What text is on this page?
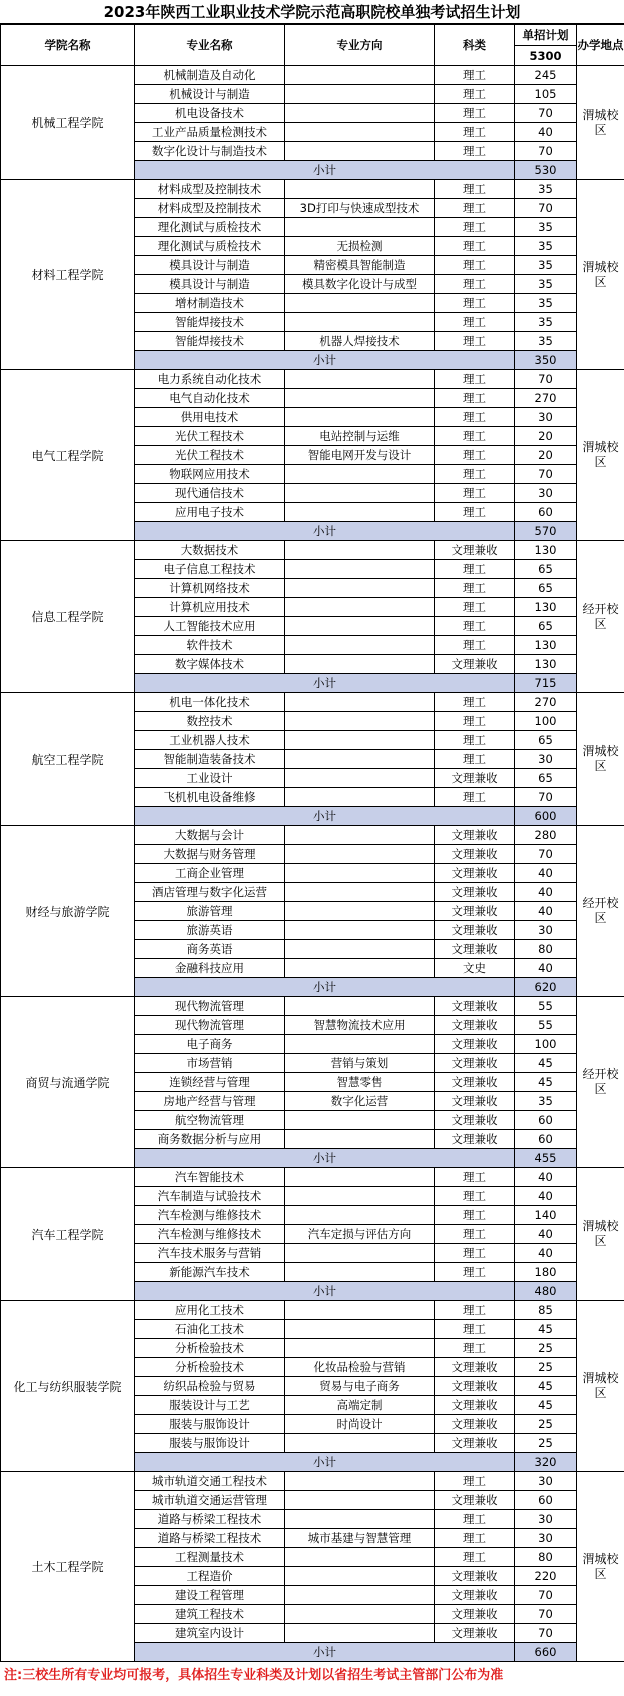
2023年陕西工业职业技术学院示范高职院校单独考试招生计划
学院名称	专业名称	专业方向	科类	单招计划	办学地点
				5300	
机械工程学院	机械制造及自动化		理工	245	渭城校区
	机械设计与制造		理工	105	
	机电设备技术		理工	70	
	工业产品质量检测技术		理工	40	
	数字化设计与制造技术		理工	70	
	小计			530	
材料工程学院	材料成型及控制技术		理工	35	渭城校区
	材料成型及控制技术	3D打印与快速成型技术	理工	70	
	理化测试与质检技术		理工	35	
	理化测试与质检技术	无损检测	理工	35	
	模具设计与制造	精密模具智能制造	理工	35	
	模具设计与制造	模具数字化设计与成型	理工	35	
	增材制造技术		理工	35	
	智能焊接技术		理工	35	
	智能焊接技术	机器人焊接技术	理工	35	
	小计			350	
电气工程学院	电力系统自动化技术		理工	70	渭城校区
	电气自动化技术		理工	270	
	供用电技术		理工	30	
	光伏工程技术	电站控制与运维	理工	20	
	光伏工程技术	智能电网开发与设计	理工	20	
	物联网应用技术		理工	70	
	现代通信技术		理工	30	
	应用电子技术		理工	60	
	小计			570	
信息工程学院	大数据技术		文理兼收	130	经开校区
	电子信息工程技术		理工	65	
	计算机网络技术		理工	65	
	计算机应用技术		理工	130	
	人工智能技术应用		理工	65	
	软件技术		理工	130	
	数字媒体技术		文理兼收	130	
	小计			715	
航空工程学院	机电一体化技术		理工	270	渭城校区
	数控技术		理工	100	
	工业机器人技术		理工	65	
	智能制造装备技术		理工	30	
	工业设计		文理兼收	65	
	飞机机电设备维修		理工	70	
	小计			600	
财经与旅游学院	大数据与会计		文理兼收	280	经开校区
	大数据与财务管理		文理兼收	70	
	工商企业管理		文理兼收	40	
	酒店管理与数字化运营		文理兼收	40	
	旅游管理		文理兼收	40	
	旅游英语		文理兼收	30	
	商务英语		文理兼收	80	
	金融科技应用		文史	40	
	小计			620	
商贸与流通学院	现代物流管理		文理兼收	55	经开校区
	现代物流管理	智慧物流技术应用	文理兼收	55	
	电子商务		文理兼收	100	
	市场营销	营销与策划	文理兼收	45	
	连锁经营与管理	智慧零售	文理兼收	45	
	房地产经营与管理	数字化运营	文理兼收	35	
	航空物流管理		文理兼收	60	
	商务数据分析与应用		文理兼收	60	
	小计			455	
汽车工程学院	汽车智能技术		理工	40	渭城校区
	汽车制造与试验技术		理工	40	
	汽车检测与维修技术		理工	140	
	汽车检测与维修技术	汽车定损与评估方向	理工	40	
	汽车技术服务与营销		理工	40	
	新能源汽车技术		理工	180	
	小计			480	
化工与纺织服装学院	应用化工技术		理工	85	渭城校区
	石油化工技术		理工	45	
	分析检验技术		理工	25	
	分析检验技术	化妆品检验与营销	文理兼收	25	
	纺织品检验与贸易	贸易与电子商务	文理兼收	45	
	服装设计与工艺	高端定制	文理兼收	45	
	服装与服饰设计	时尚设计	文理兼收	25	
	服装与服饰设计		文理兼收	25	
	小计			320	
土木工程学院	城市轨道交通工程技术		理工	30	渭城校区
	城市轨道交通运营管理		文理兼收	60	
	道路与桥梁工程技术		理工	30	
	道路与桥梁工程技术	城市基建与智慧管理	理工	30	
	工程测量技术		理工	80	
	工程造价		文理兼收	220	
	建设工程管理		文理兼收	70	
	建筑工程技术		文理兼收	70	
	建筑室内设计		文理兼收	70	
	小计			660	
注:三校生所有专业均可报考，具体招生专业科类及计划以省招生考试主管部门公布为准
